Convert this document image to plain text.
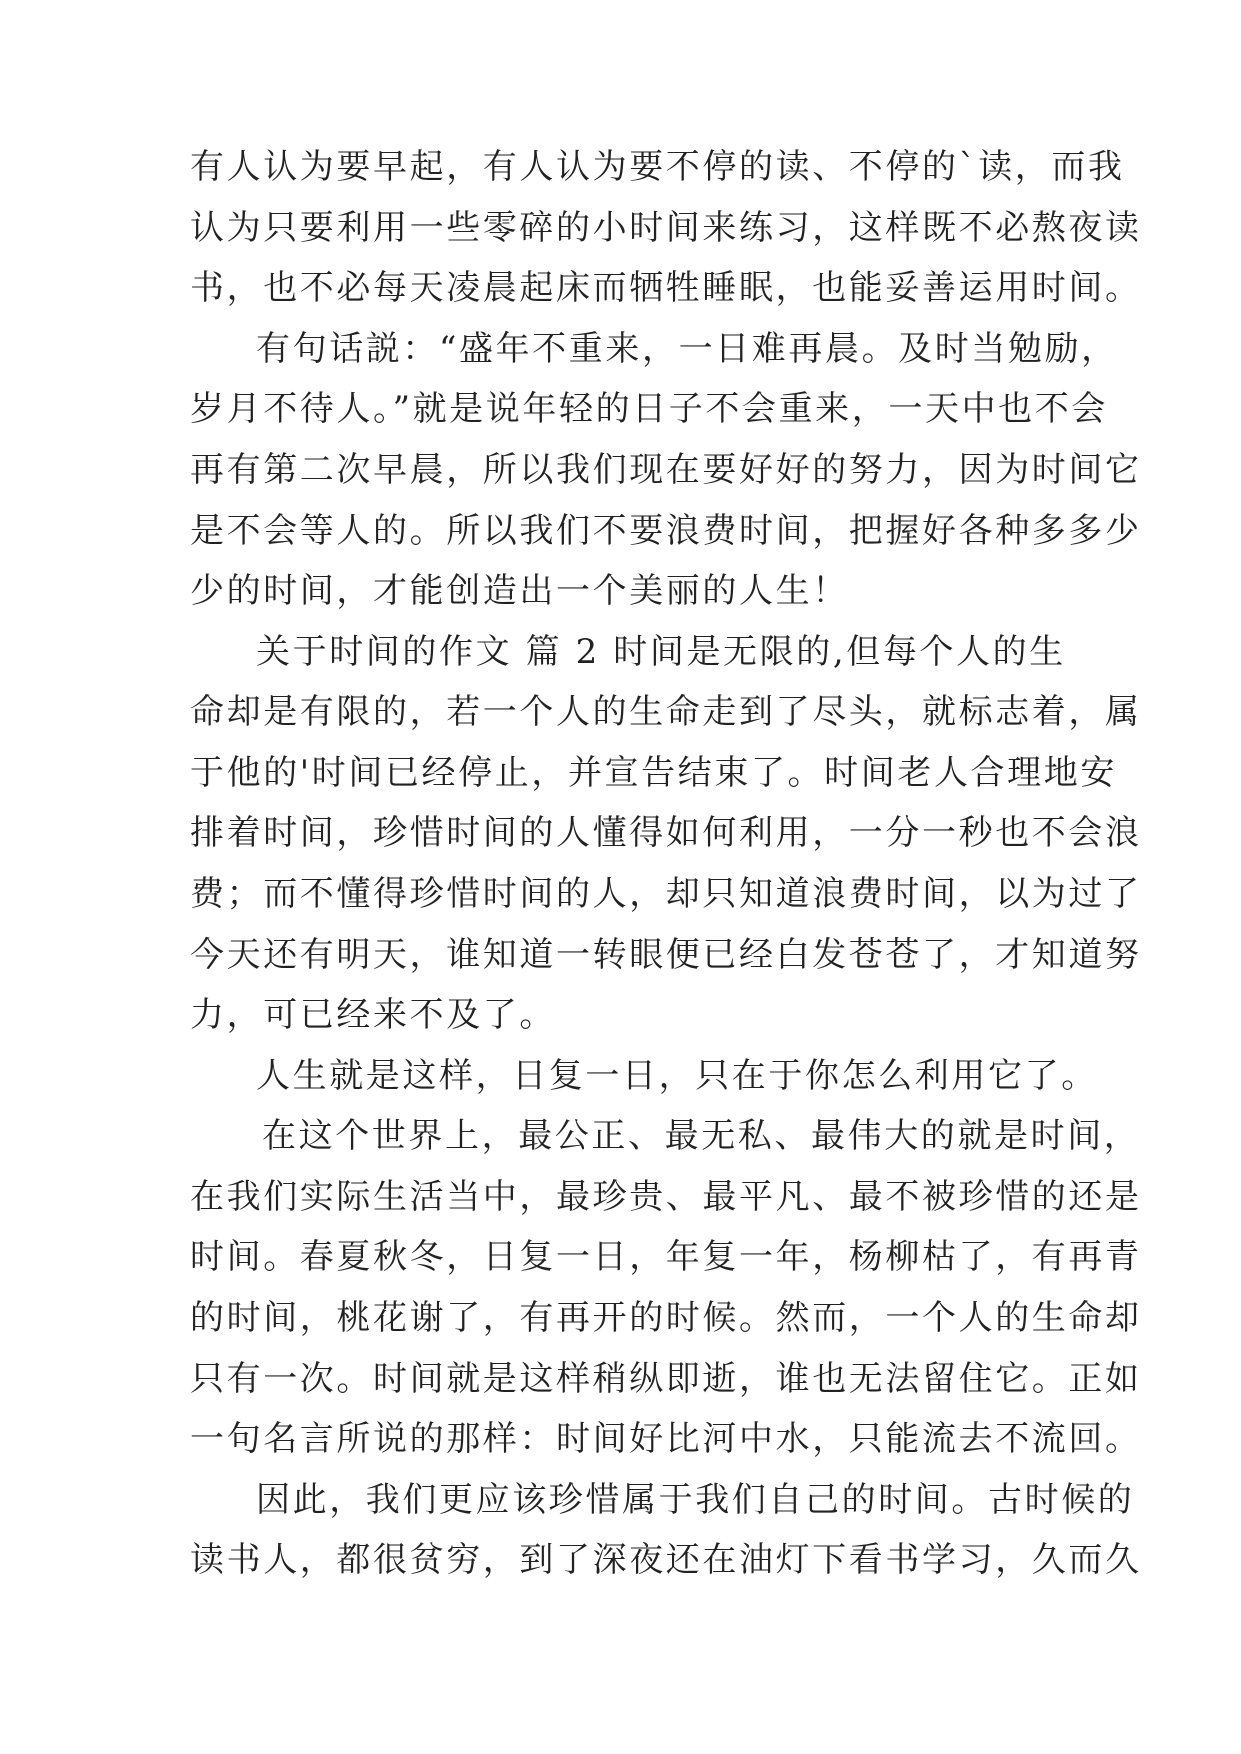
有人认为要早起，有人认为要不停的读、不停的`读，而我
认为只要利用一些零碎的小时间来练习，这样既不必熬夜读
书，也不必每天凌晨起床而牺牲睡眠，也能妥善运用时间。
有句话説：“盛年不重来，一日难再晨。及时当勉励，
岁月不待人。”就是说年轻的日子不会重来，一天中也不会
再有第二次早晨，所以我们现在要好好的努力，因为时间它
是不会等人的。所以我们不要浪费时间，把握好各种多多少
少的时间，才能创造出一个美丽的人生！
关于时间的作文 篇 2 时间是无限的,但每个人的生
命却是有限的，若一个人的生命走到了尽头，就标志着，属
于他的'时间已经停止，并宣告结束了。时间老人合理地安
排着时间，珍惜时间的人懂得如何利用，一分一秒也不会浪
费；而不懂得珍惜时间的人，却只知道浪费时间，以为过了
今天还有明天，谁知道一转眼便已经白发苍苍了，才知道努
力，可已经来不及了。
人生就是这样，日复一日，只在于你怎么利用它了。
在这个世界上，最公正、最无私、最伟大的就是时间，
在我们实际生活当中，最珍贵、最平凡、最不被珍惜的还是
时间。春夏秋冬，日复一日，年复一年，杨柳枯了，有再青
的时间，桃花谢了，有再开的时候。然而，一个人的生命却
只有一次。时间就是这样稍纵即逝，谁也无法留住它。正如
一句名言所说的那样：时间好比河中水，只能流去不流回。
因此，我们更应该珍惜属于我们自己的时间。古时候的
读书人，都很贫穷，到了深夜还在油灯下看书学习，久而久
